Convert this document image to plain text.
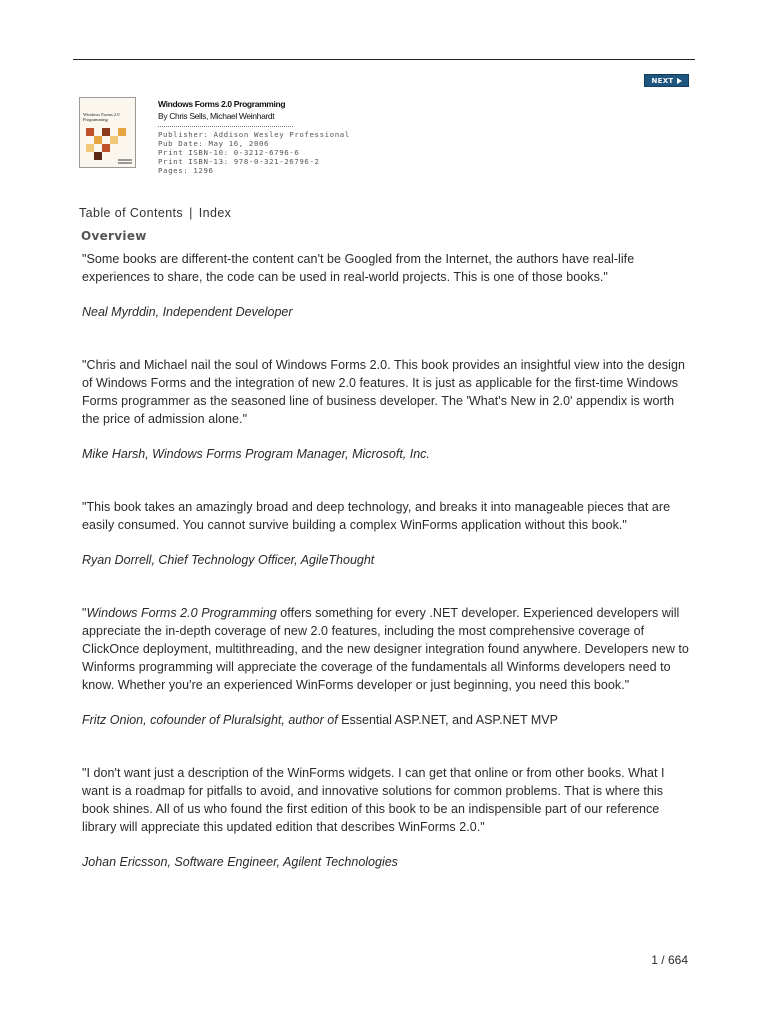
NEXT
Windows Forms 2.0
Programming
Windows Forms 2.0 Programming
By Chris Sells, Michael Weinhardt
Publisher: Addison Wesley Professional
Pub Date: May 16, 2006
Print ISBN-10: 0-3212-6796-6
Print ISBN-13: 978-0-321-26796-2
Pages: 1296
Table of Contents | Index
Overview

"Some books are different-the content can't be Googled from the Internet, the authors have real-life experiences to share, the code can be used in real-world projects. This is one of those books."

Neal Myrddin, Independent Developer

"Chris and Michael nail the soul of Windows Forms 2.0. This book provides an insightful view into the design of Windows Forms and the integration of new 2.0 features. It is just as applicable for the first-time Windows Forms programmer as the seasoned line of business developer. The 'What's New in 2.0' appendix is worth the price of admission alone."

Mike Harsh, Windows Forms Program Manager, Microsoft, Inc.

"This book takes an amazingly broad and deep technology, and breaks it into manageable pieces that are easily consumed. You cannot survive building a complex WinForms application without this book."

Ryan Dorrell, Chief Technology Officer, AgileThought

"Windows Forms 2.0 Programming offers something for every .NET developer. Experienced developers will appreciate the in-depth coverage of new 2.0 features, including the most comprehensive coverage of ClickOnce deployment, multithreading, and the new designer integration found anywhere. Developers new to Winforms programming will appreciate the coverage of the fundamentals all Winforms developers need to know. Whether you're an experienced WinForms developer or just beginning, you need this book."

Fritz Onion, cofounder of Pluralsight, author of Essential ASP.NET, and ASP.NET MVP

"I don't want just a description of the WinForms widgets. I can get that online or from other books. What I want is a roadmap for pitfalls to avoid, and innovative solutions for common problems. That is where this book shines. All of us who found the first edition of this book to be an indispensible part of our reference library will appreciate this updated edition that describes WinForms 2.0."

Johan Ericsson, Software Engineer, Agilent Technologies

1 / 664
